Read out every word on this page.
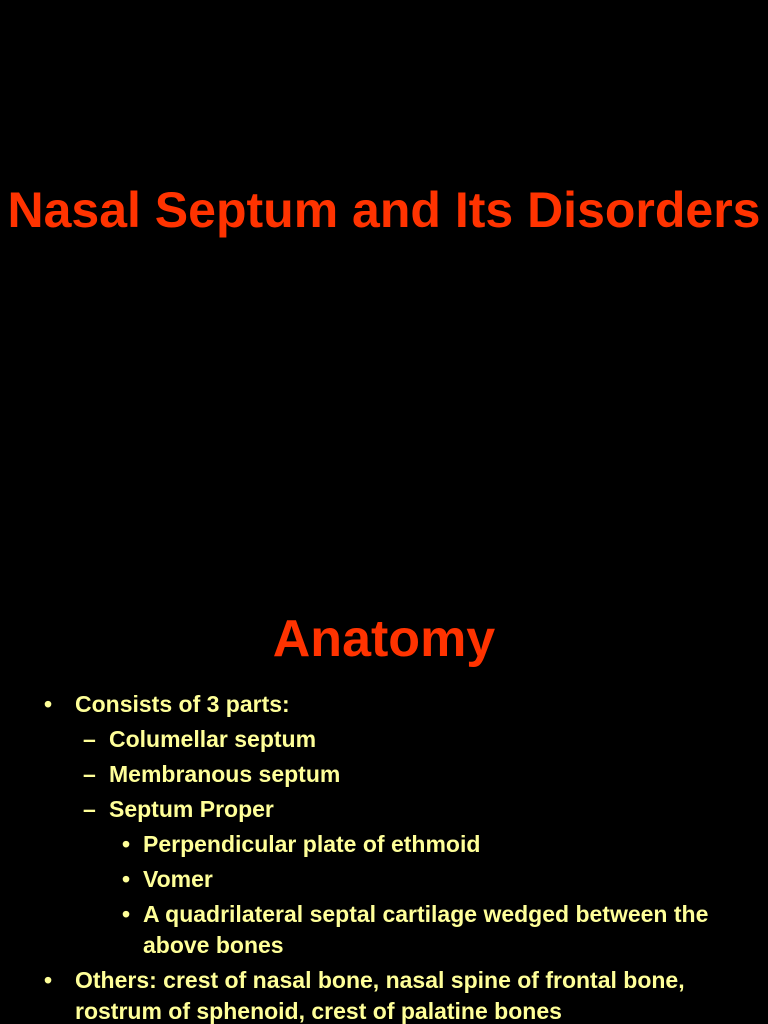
Nasal Septum and Its Disorders
Anatomy
• Consists of 3 parts:
– Columellar septum
– Membranous septum
– Septum Proper
• Perpendicular plate of ethmoid
• Vomer
• A quadrilateral septal cartilage wedged between the above bones
• Others: crest of nasal bone, nasal spine of frontal bone, rostrum of sphenoid, crest of palatine bones
